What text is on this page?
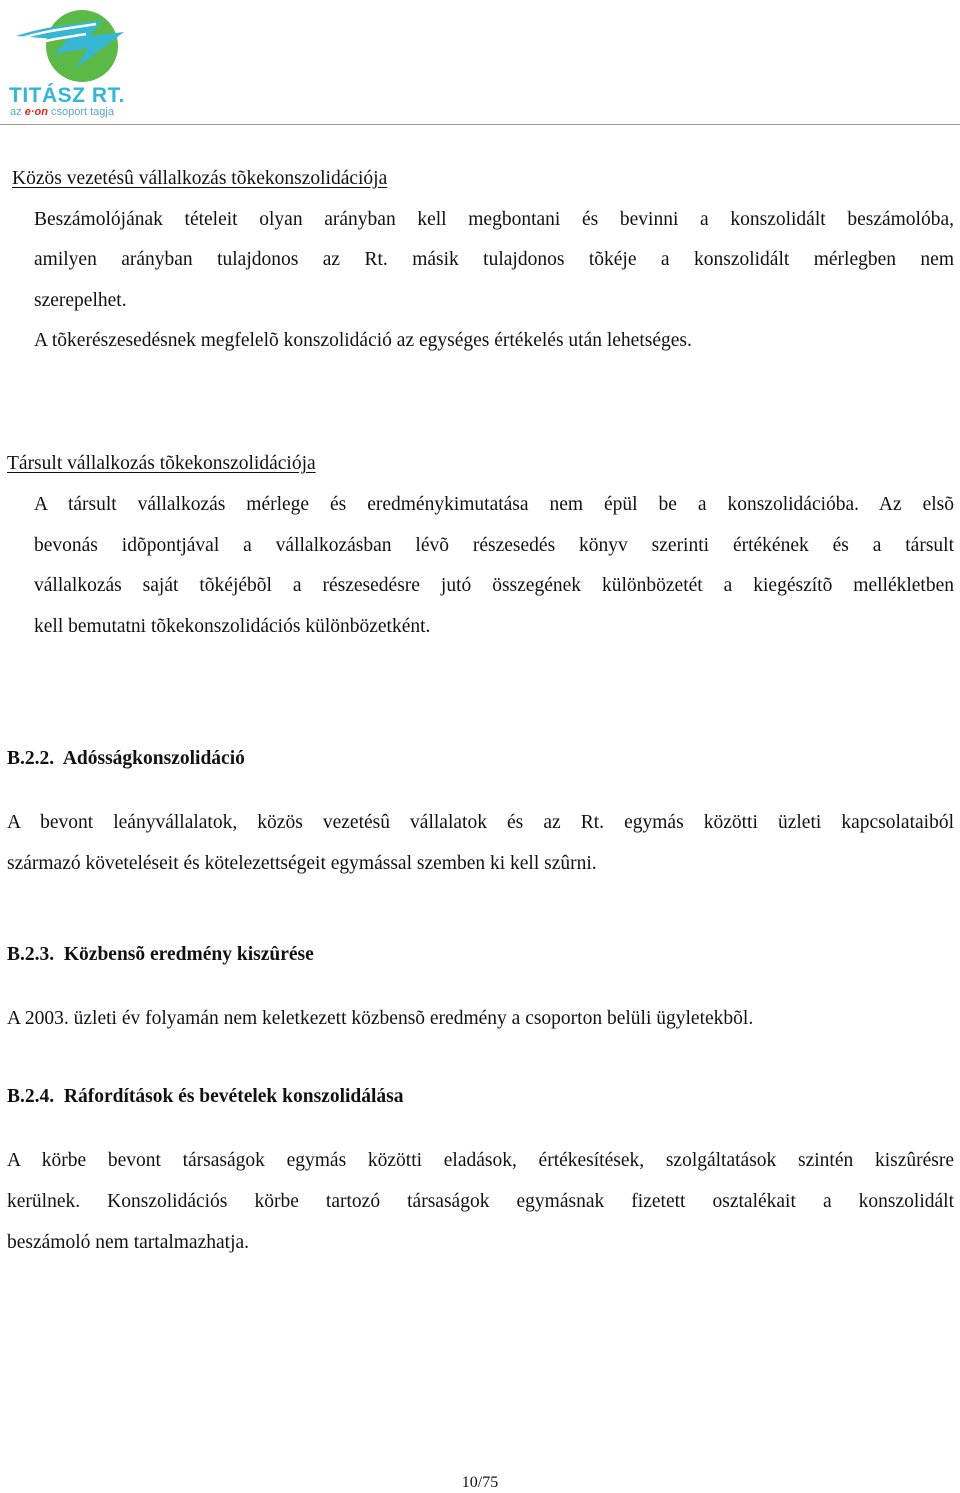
TITÁSZ RT.
az e·on csoport tagja
Közös vezetésû vállalkozás tõkekonszolidációja
Beszámolójának tételeit olyan arányban kell megbontani és bevinni a konszolidált beszámolóba,
amilyen arányban tulajdonos az Rt. másik tulajdonos tõkéje a konszolidált mérlegben nem
szerepelhet.
A tõkerészesedésnek megfelelõ konszolidáció az egységes értékelés után lehetséges.
Társult vállalkozás tõkekonszolidációja
A társult vállalkozás mérlege és eredménykimutatása nem épül be a konszolidációba. Az elsõ
bevonás idõpontjával a vállalkozásban lévõ részesedés könyv szerinti értékének és a társult
vállalkozás saját tõkéjébõl a részesedésre jutó összegének különbözetét a kiegészítõ mellékletben
kell bemutatni tõkekonszolidációs különbözetként.
B.2.2. Adósságkonszolidáció
A bevont leányvállalatok, közös vezetésû vállalatok és az Rt. egymás közötti üzleti kapcsolataiból
származó követeléseit és kötelezettségeit egymással szemben ki kell szûrni.
B.2.3. Közbensõ eredmény kiszûrése
A 2003. üzleti év folyamán nem keletkezett közbensõ eredmény a csoporton belüli ügyletekbõl.
B.2.4. Ráfordítások és bevételek konszolidálása
A körbe bevont társaságok egymás közötti eladások, értékesítések, szolgáltatások szintén kiszûrésre
kerülnek. Konszolidációs körbe tartozó társaságok egymásnak fizetett osztalékait a konszolidált
beszámoló nem tartalmazhatja.
10/75
